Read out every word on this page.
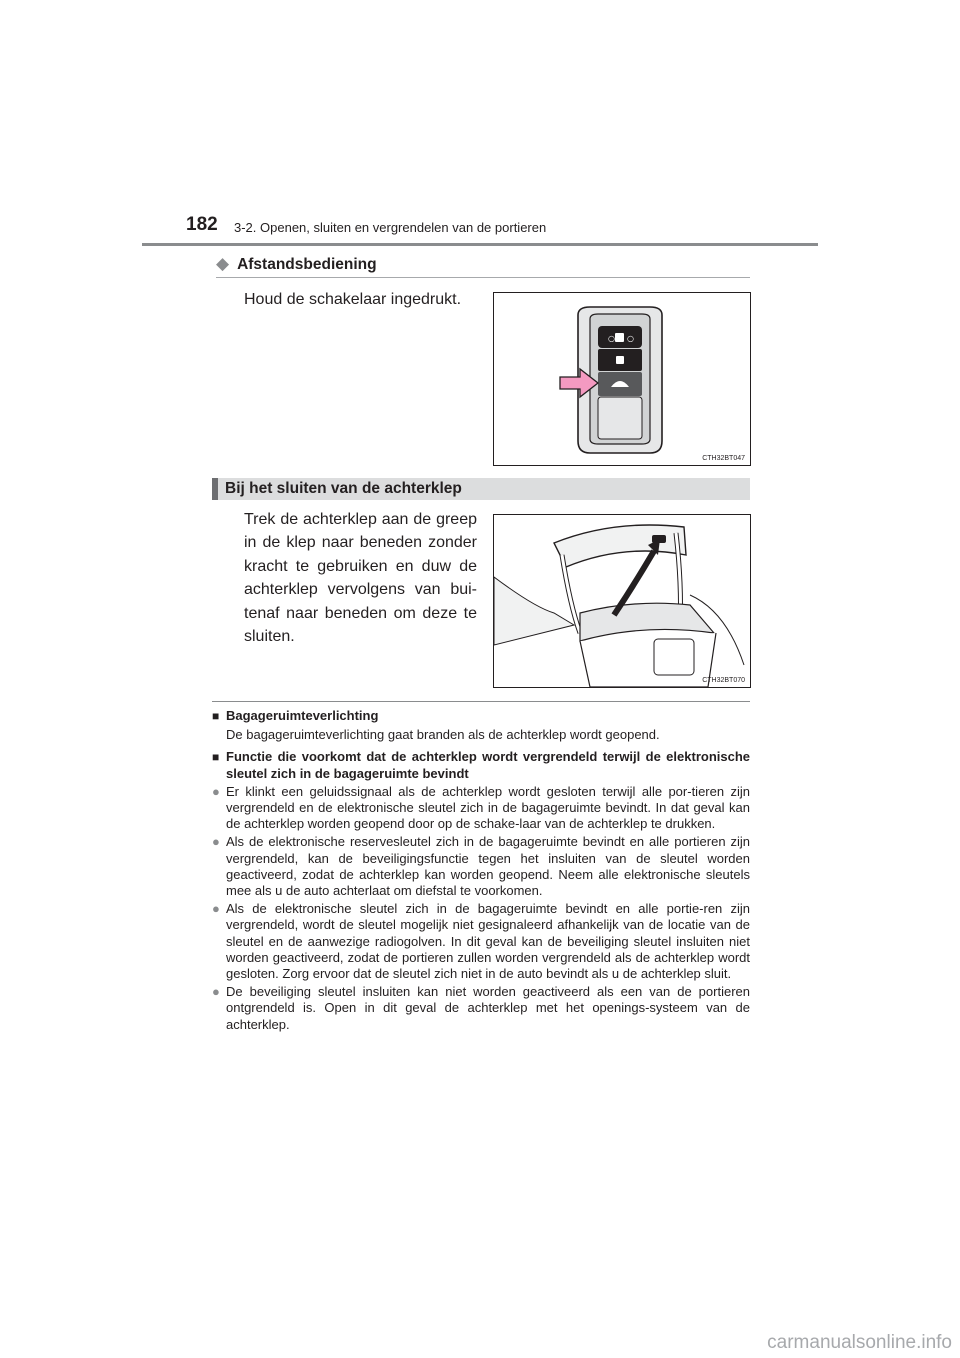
182 3-2. Openen, sluiten en vergrendelen van de portieren
◆ Afstandsbediening
Houd de schakelaar ingedrukt.
○ ○
CTH32BT047
Bij het sluiten van de achterklep
Trek de achterklep aan de greep in de klep naar beneden zonder kracht te gebruiken en duw de achterklep vervolgens van bui-tenaf naar beneden om deze te sluiten.
CTH32BT070
■ Bagageruimteverlichting
De bagageruimteverlichting gaat branden als de achterklep wordt geopend.
■ Functie die voorkomt dat de achterklep wordt vergrendeld terwijl de elektronische sleutel zich in de bagageruimte bevindt
● Er klinkt een geluidssignaal als de achterklep wordt gesloten terwijl alle por-tieren zijn vergrendeld en de elektronische sleutel zich in de bagageruimte bevindt. In dat geval kan de achterklep worden geopend door op de schake-laar van de achterklep te drukken.
● Als de elektronische reservesleutel zich in de bagageruimte bevindt en alle portieren zijn vergrendeld, kan de beveiligingsfunctie tegen het insluiten van de sleutel worden geactiveerd, zodat de achterklep kan worden geopend. Neem alle elektronische sleutels mee als u de auto achterlaat om diefstal te voorkomen.
● Als de elektronische sleutel zich in de bagageruimte bevindt en alle portie-ren zijn vergrendeld, wordt de sleutel mogelijk niet gesignaleerd afhankelijk van de locatie van de sleutel en de aanwezige radiogolven. In dit geval kan de beveiliging sleutel insluiten niet worden geactiveerd, zodat de portieren zullen worden vergrendeld als de achterklep wordt gesloten. Zorg ervoor dat de sleutel zich niet in de auto bevindt als u de achterklep sluit.
● De beveiliging sleutel insluiten kan niet worden geactiveerd als een van de portieren ontgrendeld is. Open in dit geval de achterklep met het openings-systeem van de achterklep.
carmanualsonline.info
